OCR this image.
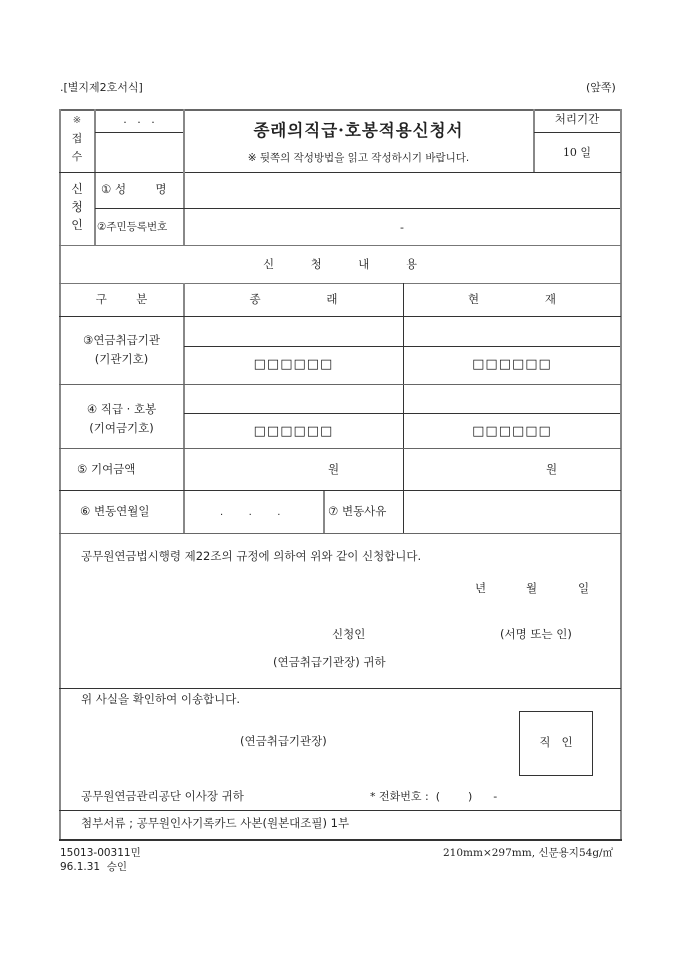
.[별지제2호서식]	(앞쪽)
※
접
수
.   .   .
종래의직급·호봉적용신청서
※ 뒷쪽의 작성방법을 읽고 작성하시기 바랍니다.
처리기간
10 일
신
청
인
① 성        명
②주민등록번호	-
신          청          내          용
구        분	종                  래	현                  재
③연금취급기관
(기관기호)	□□□□□□	□□□□□□
④ 직급 · 호봉
(기여금기호)	□□□□□□	□□□□□□
⑤ 기여금액	원	원
⑥ 변동연월일	.        .        .	⑦ 변동사유
공무원연금법시행령 제22조의 규정에 의하여 위와 같이 신청합니다.
년	월	일
신청인	(서명 또는 인)
(연금취급기관장) 귀하
위 사실을 확인하여 이송합니다.
(연금취급기관장)	직   인
공무원연금관리공단 이사장 귀하	* 전화번호 :  (        )      -
첨부서류 ; 공무원인사기록카드 사본(원본대조필) 1부
15013-00311민
96.1.31  승인
210mm×297mm, 신문용지54g/㎡
